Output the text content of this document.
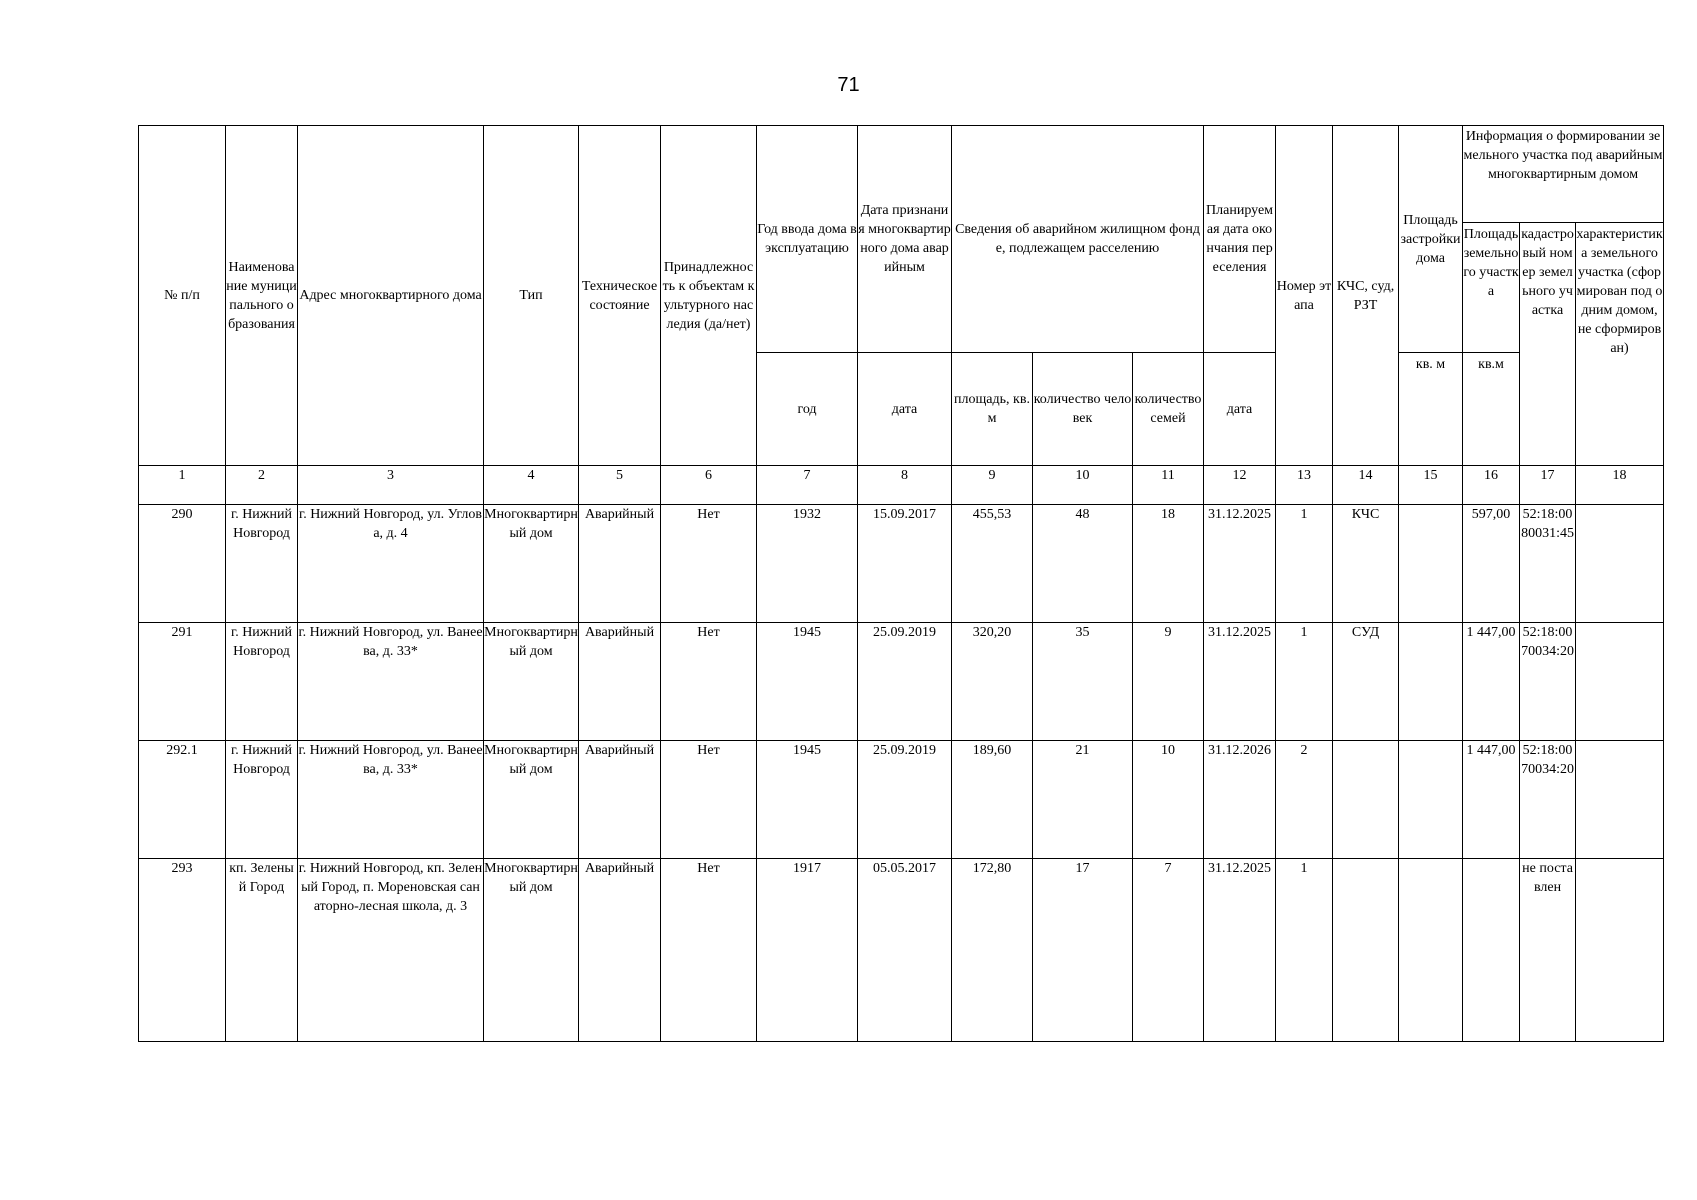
71
№ п/п	Наименование муниципального образования	Адрес многоквартирного дома	Тип	Техническое состояние	Принадлежность к объектам культурного наследия (да/нет)	Год ввода дома в эксплуатацию	Дата признания многоквартирного дома аварийным	Сведения об аварийном жилищном фонде, подлежащем расселению			Планируемая дата окончания переселения	Номер этапа	КЧС, суд, РЗТ	Площадь застройки дома	Информация о формировании земельного участка под аварийным многоквартирным домом		

															Площадь земельного участка	кадастровый номер земельного участка	характеристика земельного участка (сформирован под одним домом, не сформирован)

						год	дата	площадь, кв.м	количество человек	количество семей	дата			кв. м	кв.м		
1	2	3	4	5	6	7	8	9	10	11	12	13	14	15	16	17	18

290	г. Нижний Новгород	г. Нижний Новгород, ул. Углова, д. 4	Многоквартирный дом	Аварийный	Нет	1932	15.09.2017	455,53	48	18	31.12.2025	1	КЧС		597,00	52:18:0080031:45	

291	г. Нижний Новгород	г. Нижний Новгород, ул. Ванеева, д. 33*	Многоквартирный дом	Аварийный	Нет	1945	25.09.2019	320,20	35	9	31.12.2025	1	СУД		1 447,00	52:18:0070034:20	

292.1	г. Нижний Новгород	г. Нижний Новгород, ул. Ванеева, д. 33*	Многоквартирный дом	Аварийный	Нет	1945	25.09.2019	189,60	21	10	31.12.2026	2			1 447,00	52:18:0070034:20	

293	кп. Зеленый Город	г. Нижний Новгород, кп. Зеленый Город, п. Мореновская санаторно-лесная школа, д. 3	Многоквартирный дом	Аварийный	Нет	1917	05.05.2017	172,80	17	7	31.12.2025	1				не поставлен	
